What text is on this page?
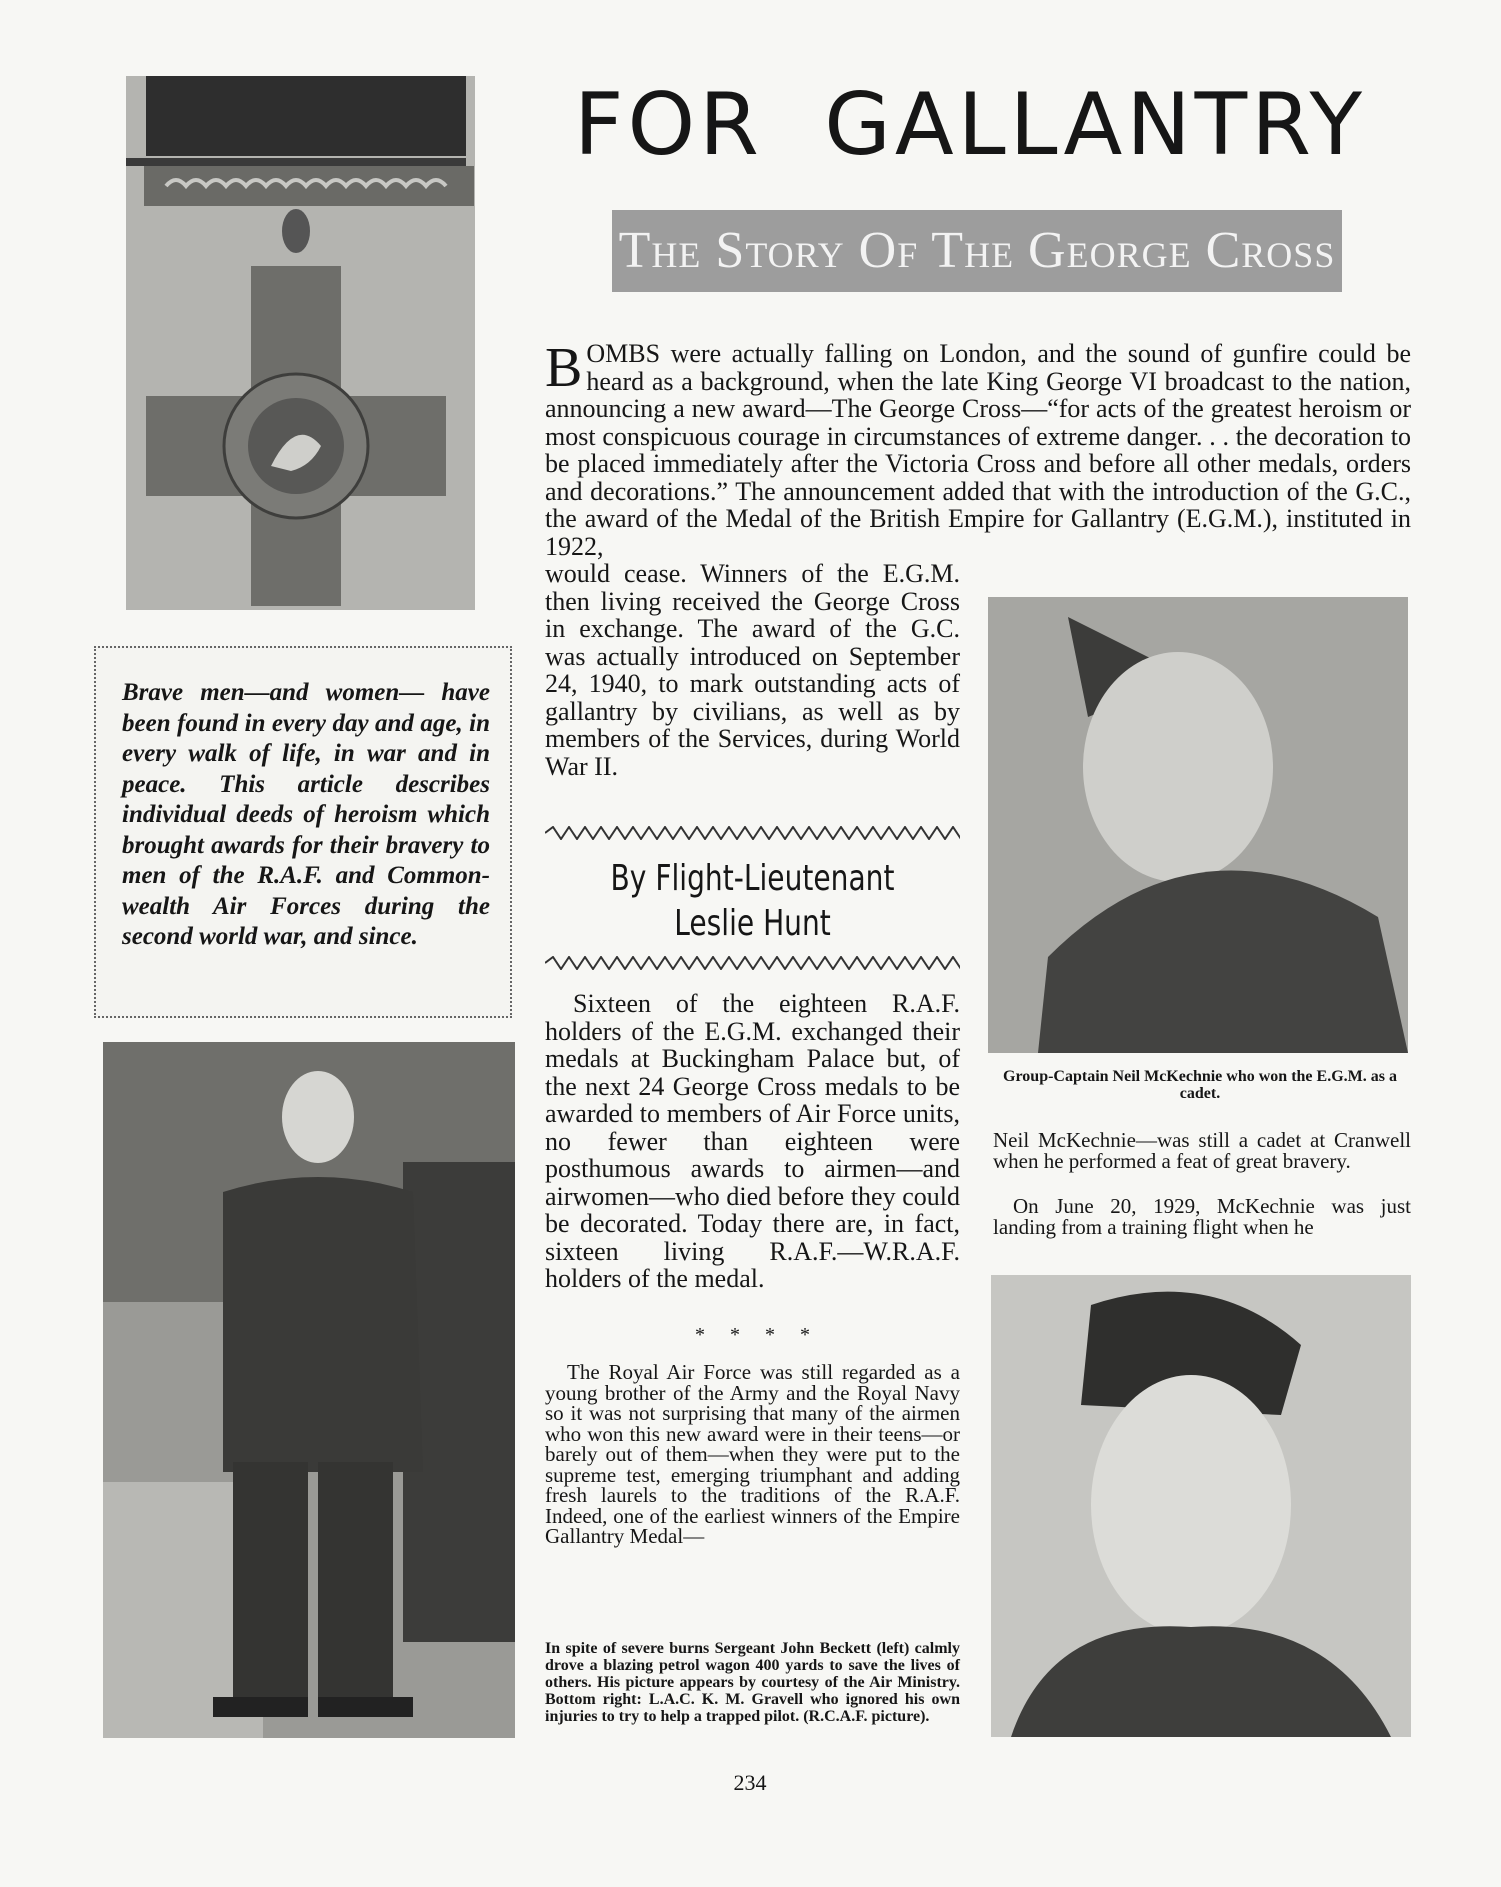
FOR GALLANTRY
The Story Of The George Cross
BOMBS were actually falling on London, and the sound of gunfire could be heard as a background, when the late King George VI broadcast to the nation, announcing a new award—The George Cross—“for acts of the greatest heroism or most conspicuous courage in circumstances of extreme danger. . . the decoration to be placed immediately after the Victoria Cross and before all other medals, orders and decorations.” The announcement added that with the introduction of the G.C., the award of the Medal of the British Empire for Gallantry (E.G.M.), instituted in 1922,
would cease. Winners of the E.G.M. then living received the George Cross in exchange. The award of the G.C. was actually introduced on September 24, 1940, to mark outstanding acts of gallantry by civilians, as well as by members of the Services, during World War II.
Brave men—and women— have been found in every day and age, in every walk of life, in war and in peace. This article describes individual deeds of heroism which brought awards for their bravery to men of the R.A.F. and Common- wealth Air Forces during the second world war, and since.
By Flight-Lieutenant
Leslie Hunt
Sixteen of the eighteen R.A.F. holders of the E.G.M. exchanged their medals at Buckingham Palace but, of the next 24 George Cross medals to be awarded to members of Air Force units, no fewer than eighteen were posthumous awards to airmen—and airwomen—who died before they could be decorated. Today there are, in fact, sixteen living R.A.F.—W.R.A.F. holders of the medal.
*     *     *     *
The Royal Air Force was still regarded as a young brother of the Army and the Royal Navy so it was not surprising that many of the airmen who won this new award were in their teens—or barely out of them—when they were put to the supreme test, emerging triumphant and adding fresh laurels to the traditions of the R.A.F. Indeed, one of the earliest winners of the Empire Gallantry Medal—
In spite of severe burns Sergeant John Beckett (left) calmly drove a blazing petrol wagon 400 yards to save the lives of others. His picture appears by courtesy of the Air Ministry. Bottom right: L.A.C. K. M. Gravell who ignored his own injuries to try to help a trapped pilot. (R.C.A.F. picture).
Group-Captain Neil McKechnie who won the E.G.M. as a cadet.
Neil McKechnie—was still a cadet at Cranwell when he performed a feat of great bravery.
On June 20, 1929, McKechnie was just landing from a training flight when he
234
